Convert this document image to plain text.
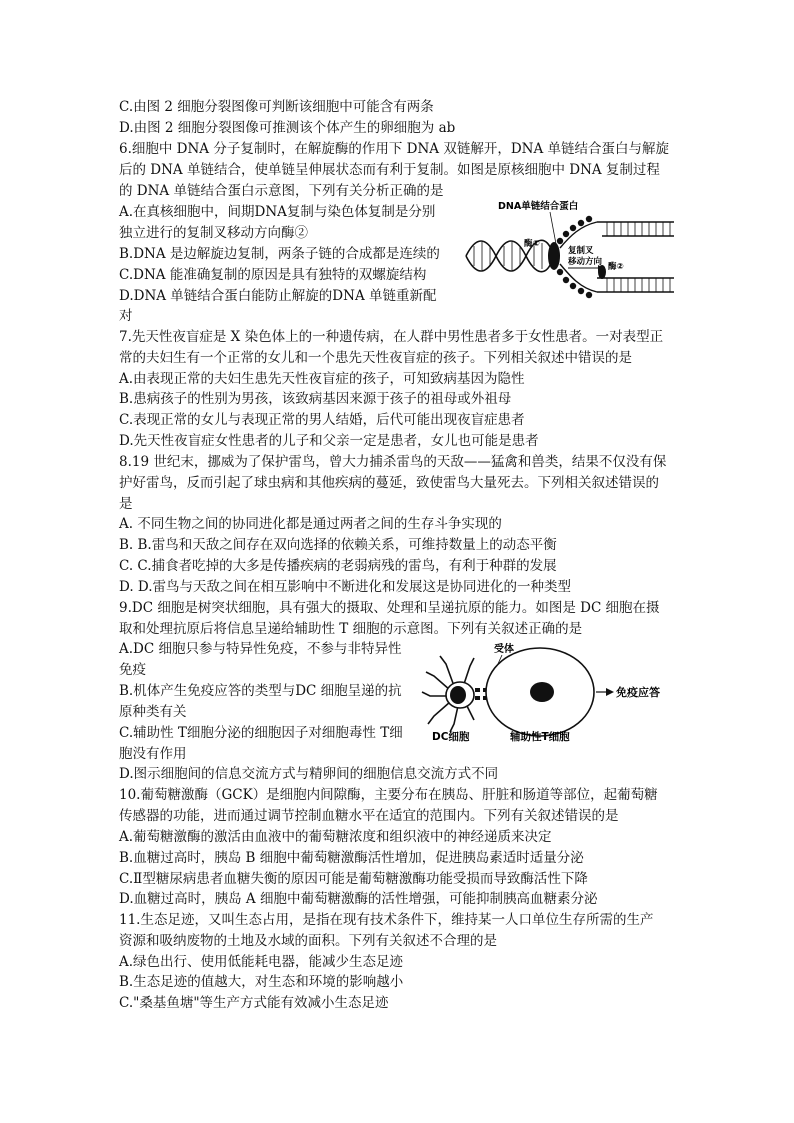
C.由图 2 细胞分裂图像可判断该细胞中可能含有两条
D.由图 2 细胞分裂图像可推测该个体产生的卵细胞为 ab
6.细胞中 DNA 分子复制时，在解旋酶的作用下 DNA 双链解开，DNA 单链结合蛋白与解旋
后的 DNA 单链结合，使单链呈伸展状态而有利于复制。如图是原核细胞中 DNA 复制过程
的 DNA 单链结合蛋白示意图，下列有关分析正确的是
A.在真核细胞中，间期DNA复制与染色体复制是分别
独立进行的复制叉移动方向酶②
B.DNA 是边解旋边复制，两条子链的合成都是连续的
C.DNA 能准确复制的原因是具有独特的双螺旋结构
D.DNA 单链结合蛋白能防止解旋的DNA 单链重新配
对
7.先天性夜盲症是 X 染色体上的一种遗传病，在人群中男性患者多于女性患者。一对表型正
常的夫妇生有一个正常的女儿和一个患先天性夜盲症的孩子。下列相关叙述中错误的是
A.由表现正常的夫妇生患先天性夜盲症的孩子，可知致病基因为隐性
B.患病孩子的性别为男孩，该致病基因来源于孩子的祖母或外祖母
C.表现正常的女儿与表现正常的男人结婚，后代可能出现夜盲症患者
D.先天性夜盲症女性患者的儿子和父亲一定是患者，女儿也可能是患者
8.19 世纪末，挪威为了保护雷鸟，曾大力捕杀雷鸟的天敌——猛禽和兽类，结果不仅没有保
护好雷鸟，反而引起了球虫病和其他疾病的蔓延，致使雷鸟大量死去。下列相关叙述错误的
是
A. 不同生物之间的协同进化都是通过两者之间的生存斗争实现的
B. B.雷鸟和天敌之间存在双向选择的依赖关系，可维持数量上的动态平衡
C. C.捕食者吃掉的大多是传播疾病的老弱病残的雷鸟，有利于种群的发展
D. D.雷鸟与天敌之间在相互影响中不断进化和发展这是协同进化的一种类型
9.DC 细胞是树突状细胞，具有强大的摄取、处理和呈递抗原的能力。如图是 DC 细胞在摄
取和处理抗原后将信息呈递给辅助性 T 细胞的示意图。下列有关叙述正确的是
A.DC 细胞只参与特异性免疫，不参与非特异性
免疫
B.机体产生免疫应答的类型与DC 细胞呈递的抗
原种类有关
C.辅助性 T细胞分泌的细胞因子对细胞毒性 T细
胞没有作用
D.图示细胞间的信息交流方式与精卵间的细胞信息交流方式不同
10.葡萄糖激酶（GCK）是细胞内间隙酶，主要分布在胰岛、肝脏和肠道等部位，起葡萄糖
传感器的功能，进而通过调节控制血糖水平在适宜的范围内。下列有关叙述错误的是
A.葡萄糖激酶的激活由血液中的葡萄糖浓度和组织液中的神经递质来决定
B.血糖过高时，胰岛 B 细胞中葡萄糖激酶活性增加，促进胰岛素适时适量分泌
C.Ⅱ型糖尿病患者血糖失衡的原因可能是葡萄糖激酶功能受损而导致酶活性下降
D.血糖过高时，胰岛 A 细胞中葡萄糖激酶的活性增强，可能抑制胰高血糖素分泌
11.生态足迹，又叫生态占用，是指在现有技术条件下，维持某一人口单位生存所需的生产
资源和吸纳废物的土地及水域的面积。下列有关叙述不合理的是
A.绿色出行、使用低能耗电器，能减少生态足迹
B.生态足迹的值越大，对生态和环境的影响越小
C."桑基鱼塘"等生产方式能有效减小生态足迹
DNA单链结合蛋白
酶①
酶②
复制叉
移动方向
受体
免疫应答
DC细胞	辅助性T细胞
